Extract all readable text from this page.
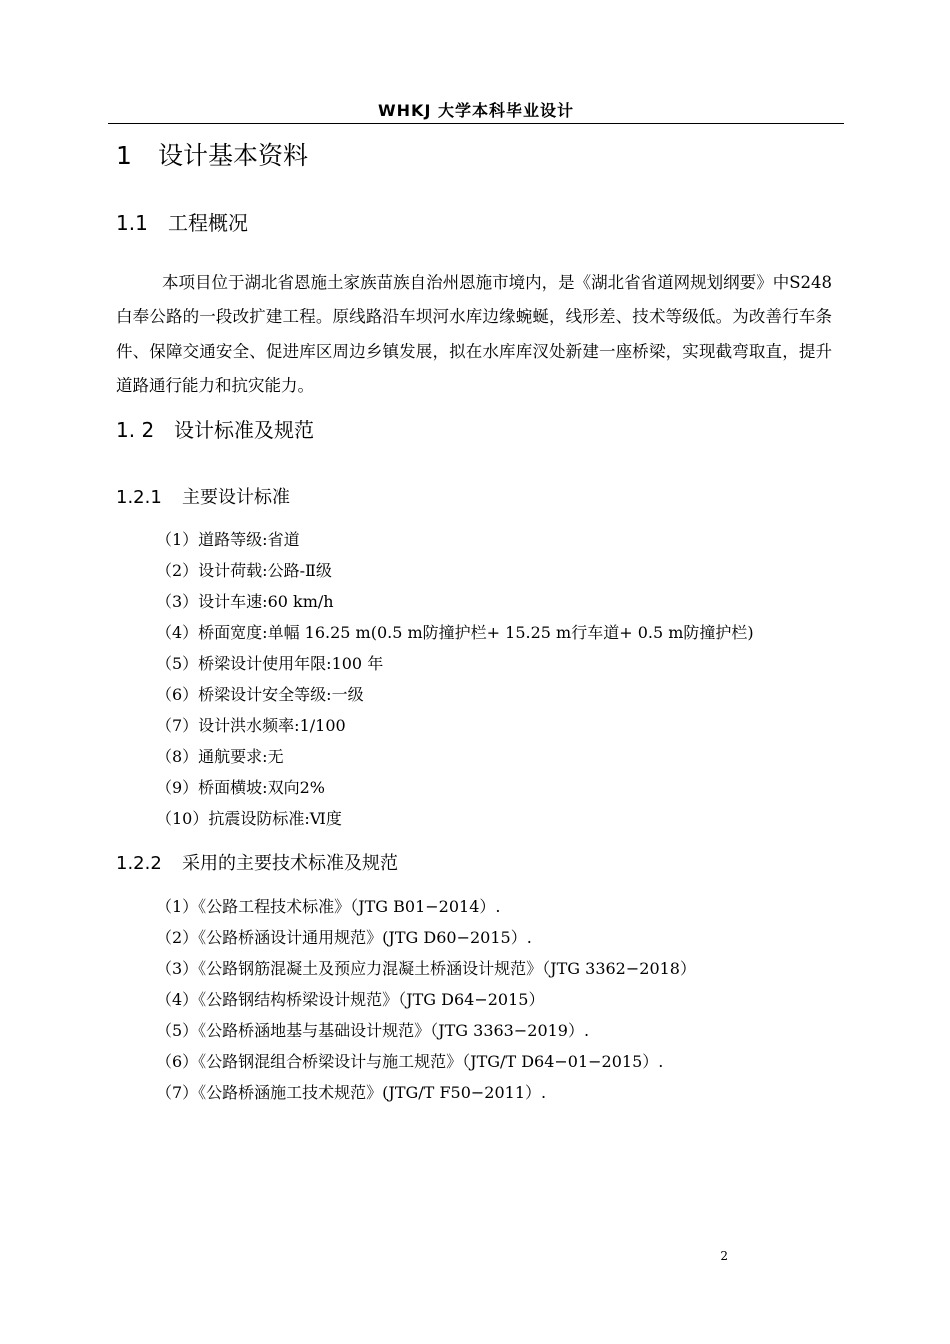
WHKJ 大学本科毕业设计
1 设计基本资料
1.1 工程概况
本项目位于湖北省恩施土家族苗族自治州恩施市境内，是《湖北省省道网规划纲要》中S248白奉公路的一段改扩建工程。原线路沿车坝河水库边缘蜿蜒，线形差、技术等级低。为改善行车条件、保障交通安全、促进库区周边乡镇发展，拟在水库库汊处新建一座桥梁，实现截弯取直，提升道路通行能力和抗灾能力。
1. 2 设计标准及规范
1.2.1 主要设计标准
（1）道路等级:省道
（2）设计荷载:公路-Ⅱ级
（3）设计车速:60 km/h
（4）桥面宽度:单幅 16.25 m(0.5 m防撞护栏+ 15.25 m行车道+ 0.5 m防撞护栏)
（5）桥梁设计使用年限:100 年
（6）桥梁设计安全等级:一级
（7）设计洪水频率:1/100
（8）通航要求:无
（9）桥面横坡:双向2%
（10）抗震设防标准:Ⅵ度
1.2.2 采用的主要技术标准及规范
（1）《公路工程技术标准》（JTG B01−2014）.
（2）《公路桥涵设计通用规范》(JTG D60−2015）.
（3）《公路钢筋混凝土及预应力混凝土桥涵设计规范》（JTG 3362−2018）
（4）《公路钢结构桥梁设计规范》（JTG D64−2015）
（5）《公路桥涵地基与基础设计规范》（JTG 3363−2019）.
（6）《公路钢混组合桥梁设计与施工规范》（JTG/T D64−01−2015）.
（7）《公路桥涵施工技术规范》(JTG/T F50−2011）.
2
